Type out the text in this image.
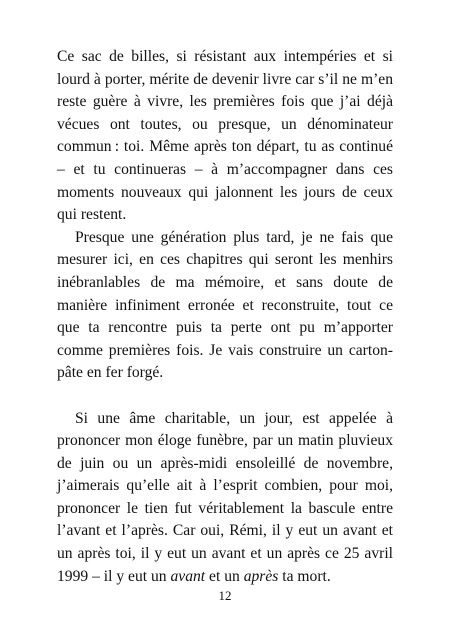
Ce sac de billes, si résistant aux intempéries et si lourd à porter, mérite de devenir livre car s’il ne m’en reste guère à vivre, les premières fois que j’ai déjà vécues ont toutes, ou presque, un dénominateur commun : toi. Même après ton départ, tu as continué – et tu continueras – à m’accompagner dans ces moments nouveaux qui jalonnent les jours de ceux qui restent.

Presque une génération plus tard, je ne fais que mesurer ici, en ces chapitres qui seront les menhirs inébranlables de ma mémoire, et sans doute de manière infiniment erronée et reconstruite, tout ce que ta rencontre puis ta perte ont pu m’apporter comme premières fois. Je vais construire un carton-pâte en fer forgé.

Si une âme charitable, un jour, est appelée à prononcer mon éloge funèbre, par un matin pluvieux de juin ou un après-midi ensoleillé de novembre, j’aimerais qu’elle ait à l’esprit combien, pour moi, prononcer le tien fut véritablement la bascule entre l’avant et l’après. Car oui, Rémi, il y eut un avant et un après toi, il y eut un avant et un après ce 25 avril 1999 – il y eut un avant et un après ta mort.

12
